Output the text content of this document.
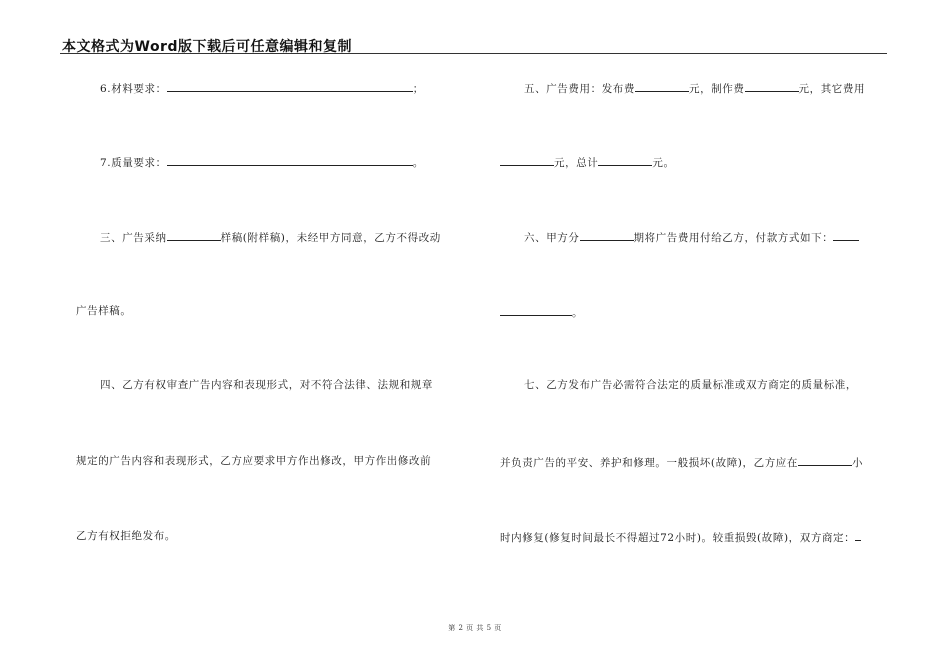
本文格式为Word版下载后可任意编辑和复制
6.材料要求：	；
7.质量要求：	。
三、广告采纳	样稿(附样稿)，未经甲方同意，乙方不得改动
广告样稿。
四、乙方有权审查广告内容和表现形式，对不符合法律、法规和规章
规定的广告内容和表现形式，乙方应要求甲方作出修改，甲方作出修改前
乙方有权拒绝发布。
五、广告费用：发布费	元，制作费	元，其它费用
元，总计	元。
六、甲方分	期将广告费用付给乙方，付款方式如下：
。
七、乙方发布广告必需符合法定的质量标准或双方商定的质量标准，
并负责广告的平安、养护和修理。一般损坏(故障)，乙方应在	小
时内修复(修复时间最长不得超过72小时)。较重损毁(故障)，双方商定：
第 2 页 共 5 页
